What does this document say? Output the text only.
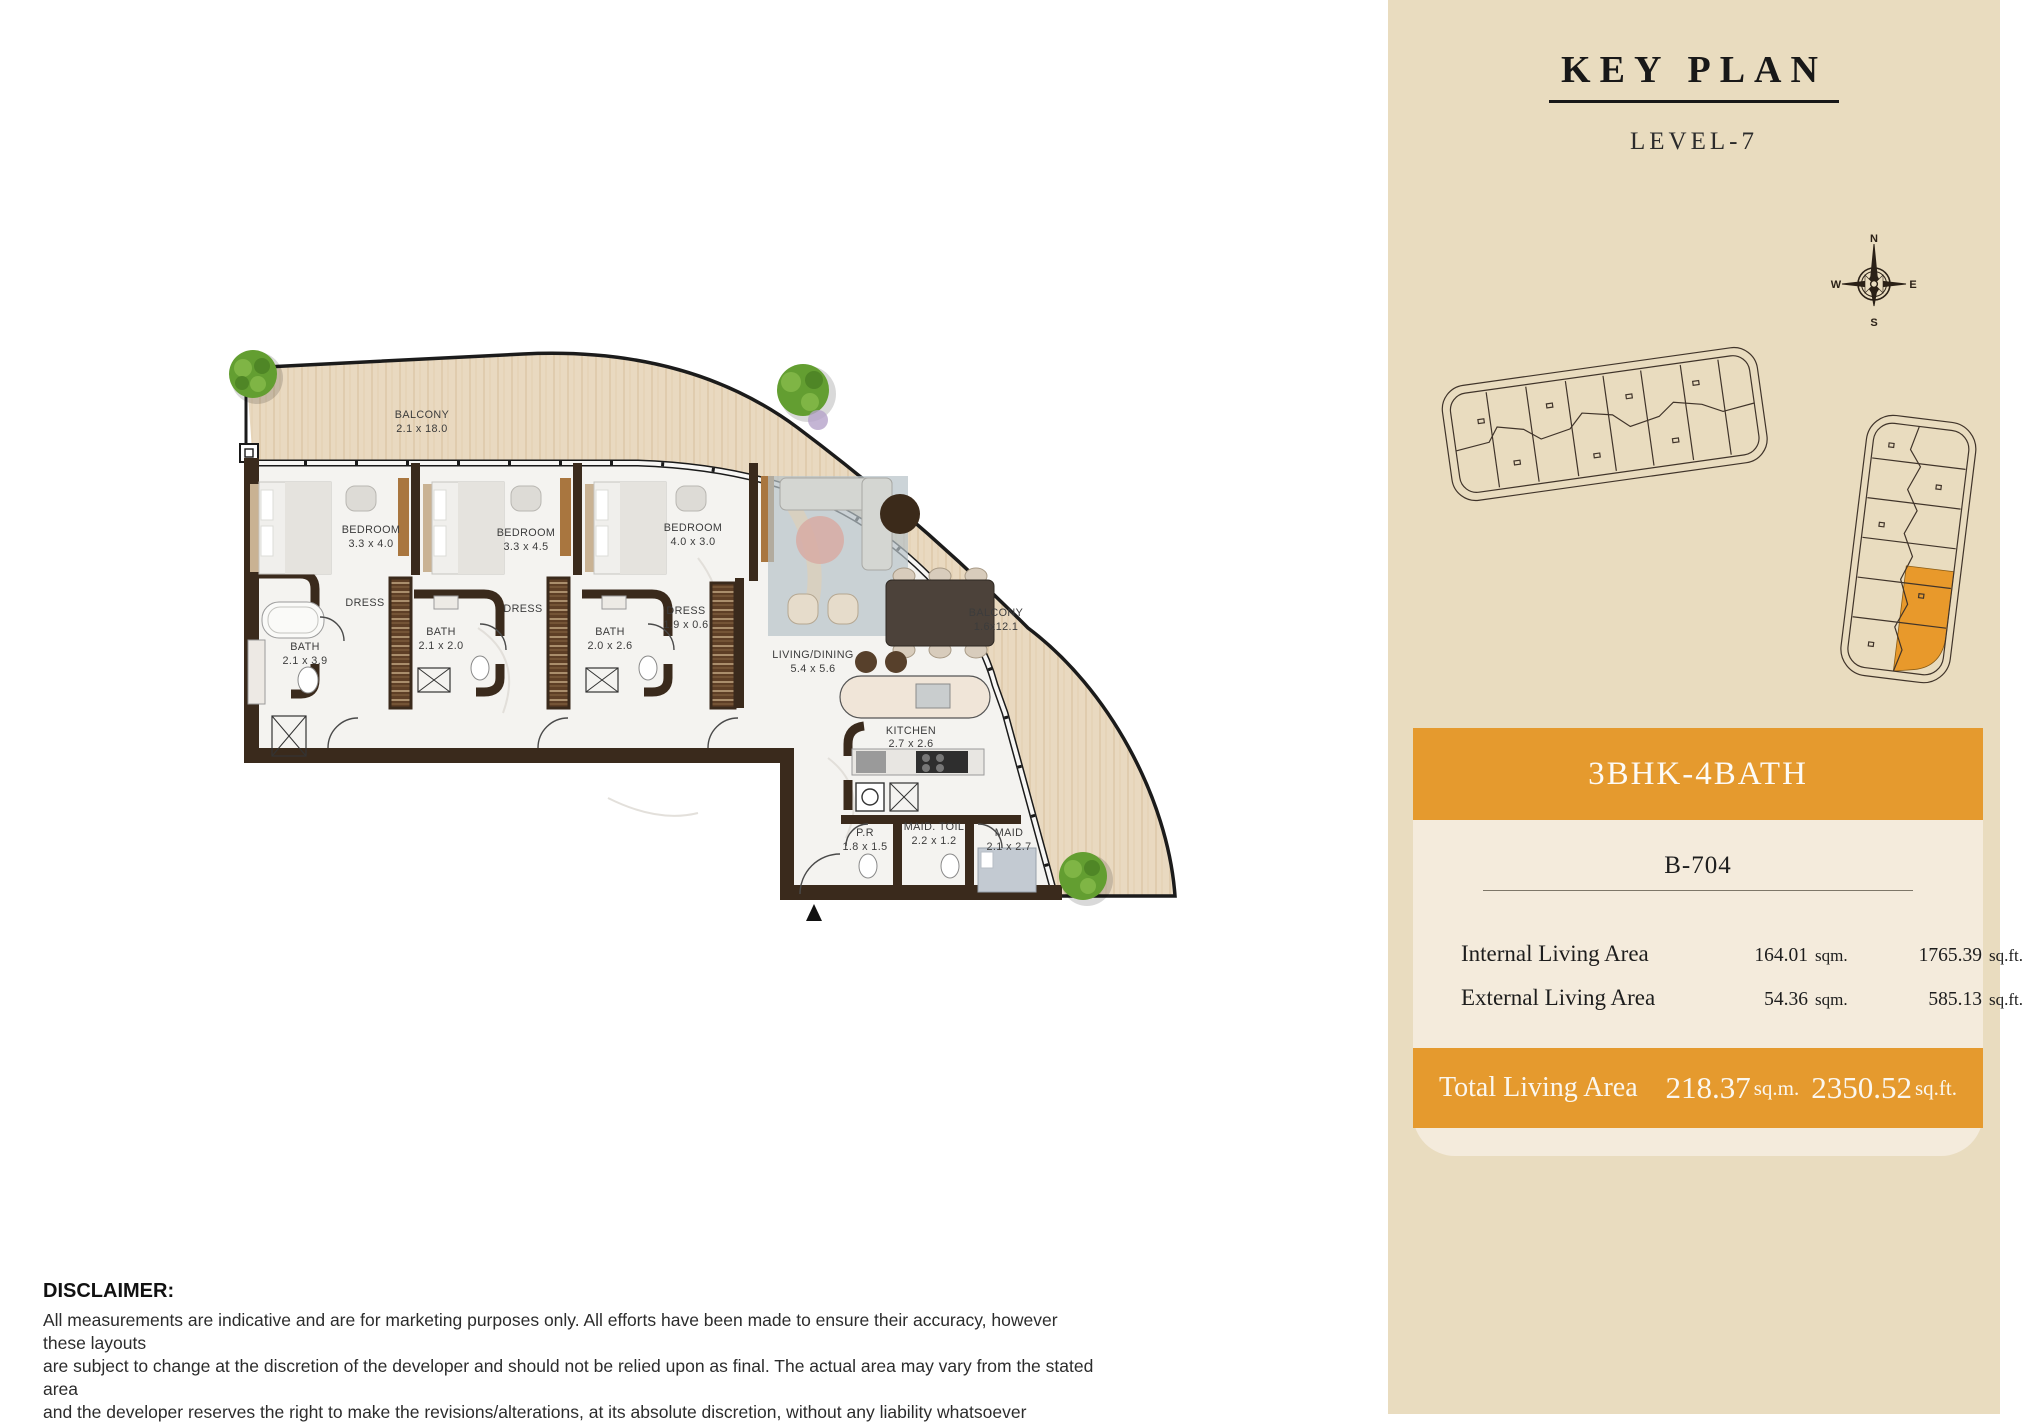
BALCONY
2.1 x 18.0
BEDROOM
3.3 x 4.0
BEDROOM
3.3 x 4.5
BEDROOM
4.0 x 3.0
DRESS
BATH
2.1 x 3.9
BATH
2.1 x 2.0
DRESS
BATH
2.0 x 2.6
DRESS
1.9 x 0.6
LIVING/DINING
5.4 x 5.6
BALCONY
1.6x12.1
KITCHEN
2.7 x 2.6
P.R
1.8 x 1.5
MAID. TOIL
2.2 x 1.2
MAID
2.1 x 2.7
DISCLAIMER:
All measurements are indicative and are for marketing purposes only. All efforts have been made to ensure their accuracy, however these layouts
are subject to change at the discretion of the developer and should not be relied upon as final. The actual area may vary from the stated area
and the developer reserves the right to make the revisions/alterations, at its absolute discretion, without any liability whatsoever
KEY PLAN
LEVEL-7
N
W	E
S
3BHK-4BATH
B-704
Internal Living Area	164.01 sqm.	1765.39 sq.ft.
External Living Area	54.36 sqm.	585.13 sq.ft.
Total Living Area 218.37 sq.m. 2350.52 sq.ft.
